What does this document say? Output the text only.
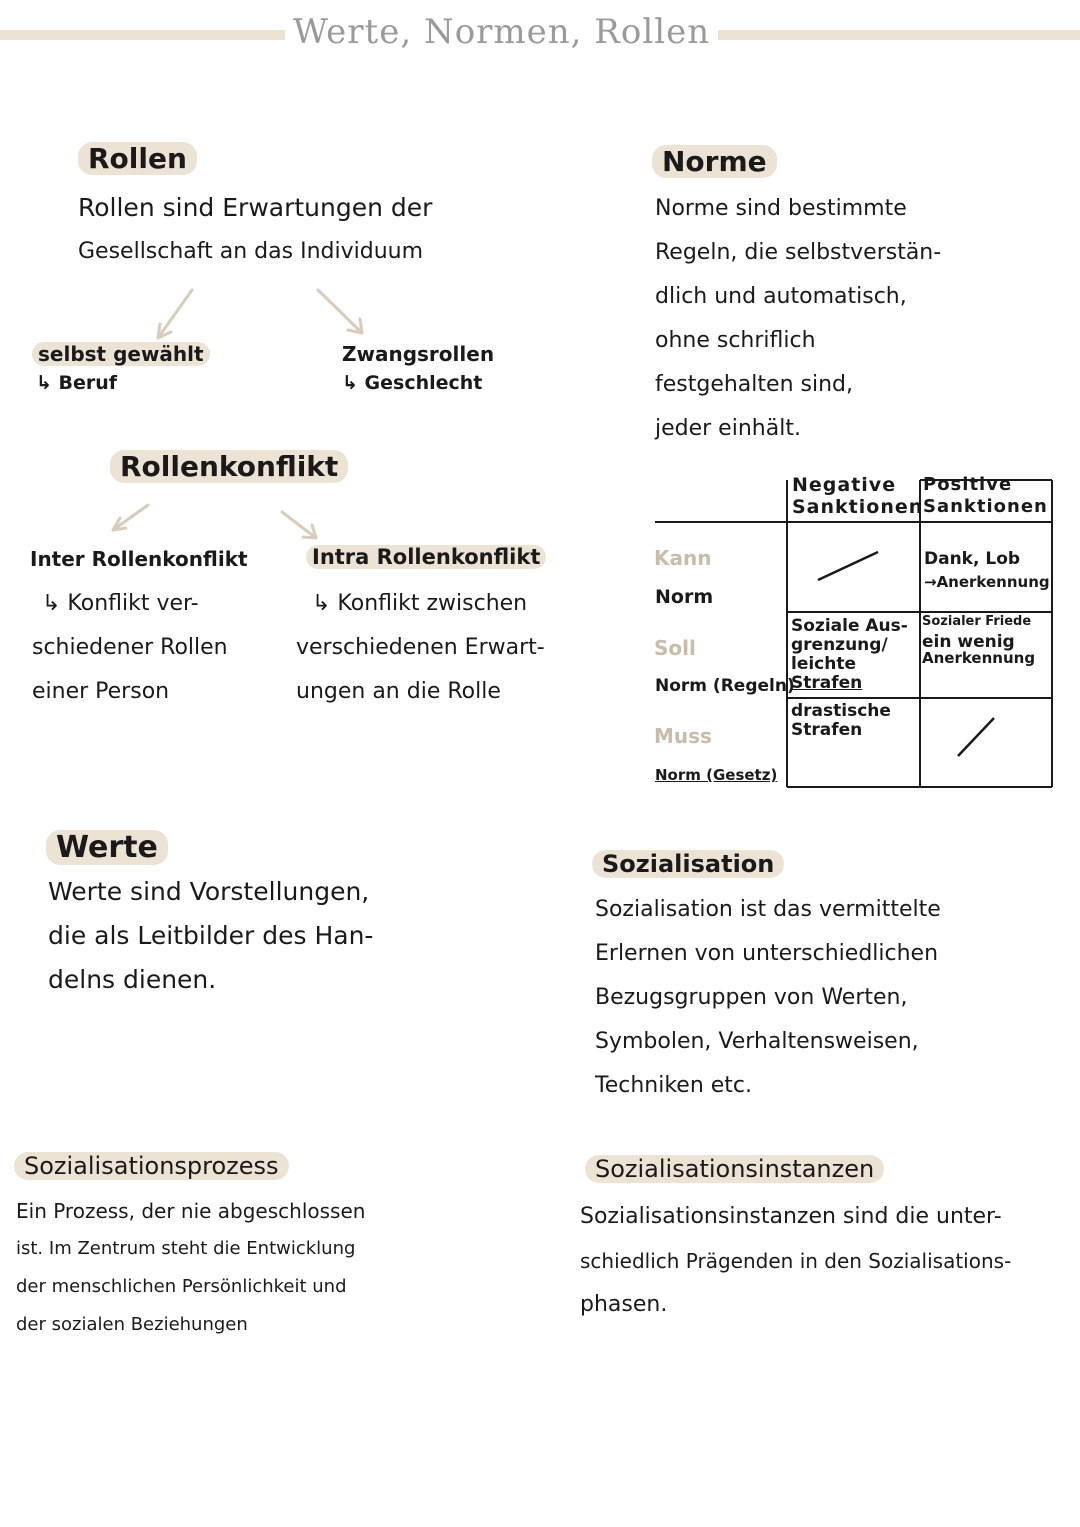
Werte, Normen, Rollen
Rollen
Rollen sind Erwartungen der
Gesellschaft an das Individuum
selbst gewählt
↳ Beruf
Zwangsrollen
↳ Geschlecht
Rollenkonflikt
Inter Rollenkonflikt
↳ Konflikt ver-
schiedener Rollen
einer Person
Intra Rollenkonflikt
↳ Konflikt zwischen
verschiedenen Erwart-
ungen an die Rolle
Norme
Norme sind bestimmte
Regeln, die selbstverstän-
dlich und automatisch,
ohne schriflich
festgehalten sind,
jeder einhält.
Negative
Sanktionen
Positive
Sanktionen
Kann
Norm
Dank, Lob
→Anerkennung
Soll
Norm (Regeln)
Soziale Aus-
grenzung/
leichte
Strafen
Sozialer Friede
ein wenig
Anerkennung
Muss
Norm (Gesetz)
drastische
Strafen
Werte
Werte sind Vorstellungen,
die als Leitbilder des Han-
delns dienen.
Sozialisation
Sozialisation ist das vermittelte
Erlernen von unterschiedlichen
Bezugsgruppen von Werten,
Symbolen, Verhaltensweisen,
Techniken etc.
Sozialisationsprozess
Ein Prozess, der nie abgeschlossen
ist. Im Zentrum steht die Entwicklung
der menschlichen Persönlichkeit und
der sozialen Beziehungen
Sozialisationsinstanzen
Sozialisationsinstanzen sind die unter-
schiedlich Prägenden in den Sozialisations-
phasen.
